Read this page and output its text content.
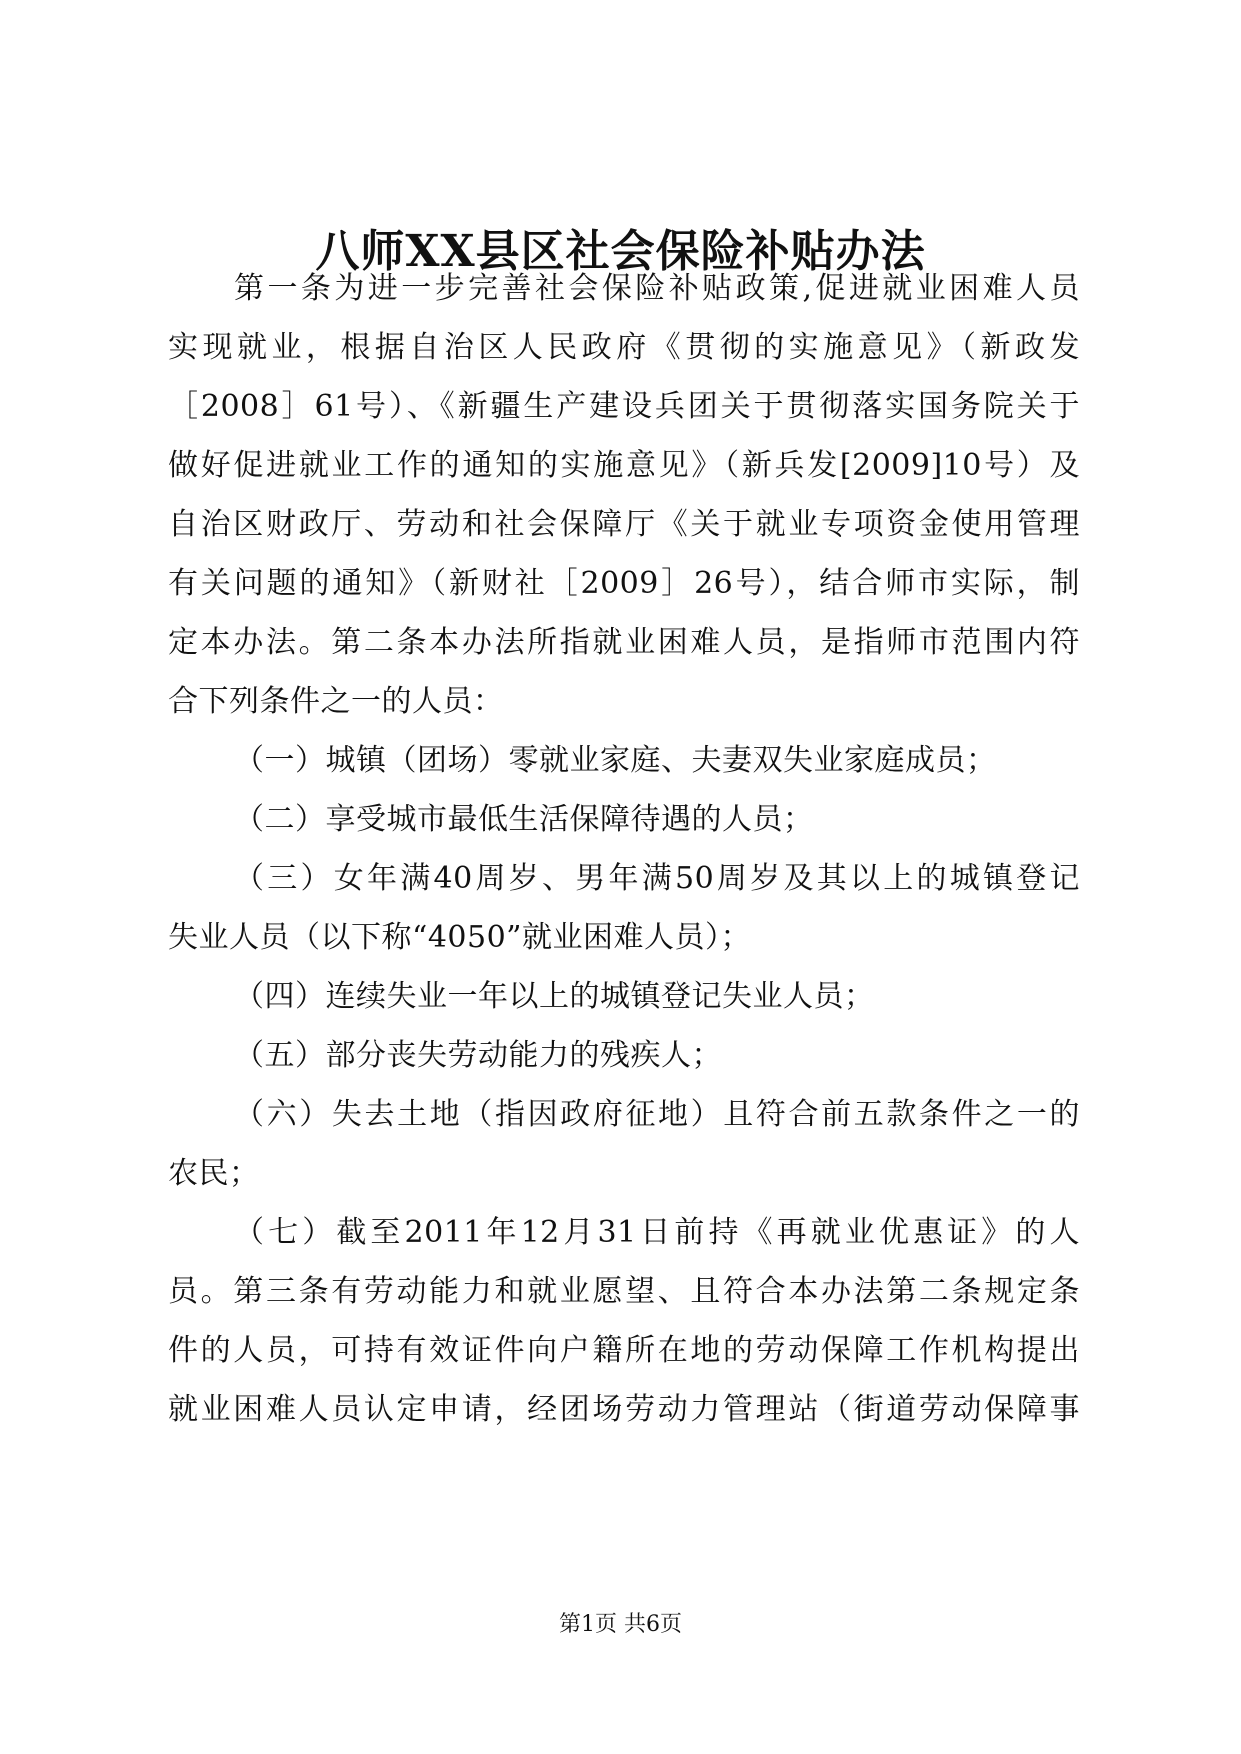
八师XX县区社会保险补贴办法
第一条为进一步完善社会保险补贴政策,促进就业困难人员
实现就业，根据自治区人民政府《贯彻的实施意见》（新政发
［2008］61号）、《新疆生产建设兵团关于贯彻落实国务院关于
做好促进就业工作的通知的实施意见》（新兵发[2009]10号）及
自治区财政厅、劳动和社会保障厅《关于就业专项资金使用管理
有关问题的通知》（新财社［2009］26号），结合师市实际，制
定本办法。第二条本办法所指就业困难人员，是指师市范围内符
合下列条件之一的人员：
（一）城镇（团场）零就业家庭、夫妻双失业家庭成员；
（二）享受城市最低生活保障待遇的人员；
（三）女年满40周岁、男年满50周岁及其以上的城镇登记
失业人员（以下称“4050”就业困难人员）；
（四）连续失业一年以上的城镇登记失业人员；
（五）部分丧失劳动能力的残疾人；
（六）失去土地（指因政府征地）且符合前五款条件之一的
农民；
（七）截至2011年12月31日前持《再就业优惠证》的人
员。第三条有劳动能力和就业愿望、且符合本办法第二条规定条
件的人员，可持有效证件向户籍所在地的劳动保障工作机构提出
就业困难人员认定申请，经团场劳动力管理站（街道劳动保障事
第1页 共6页
